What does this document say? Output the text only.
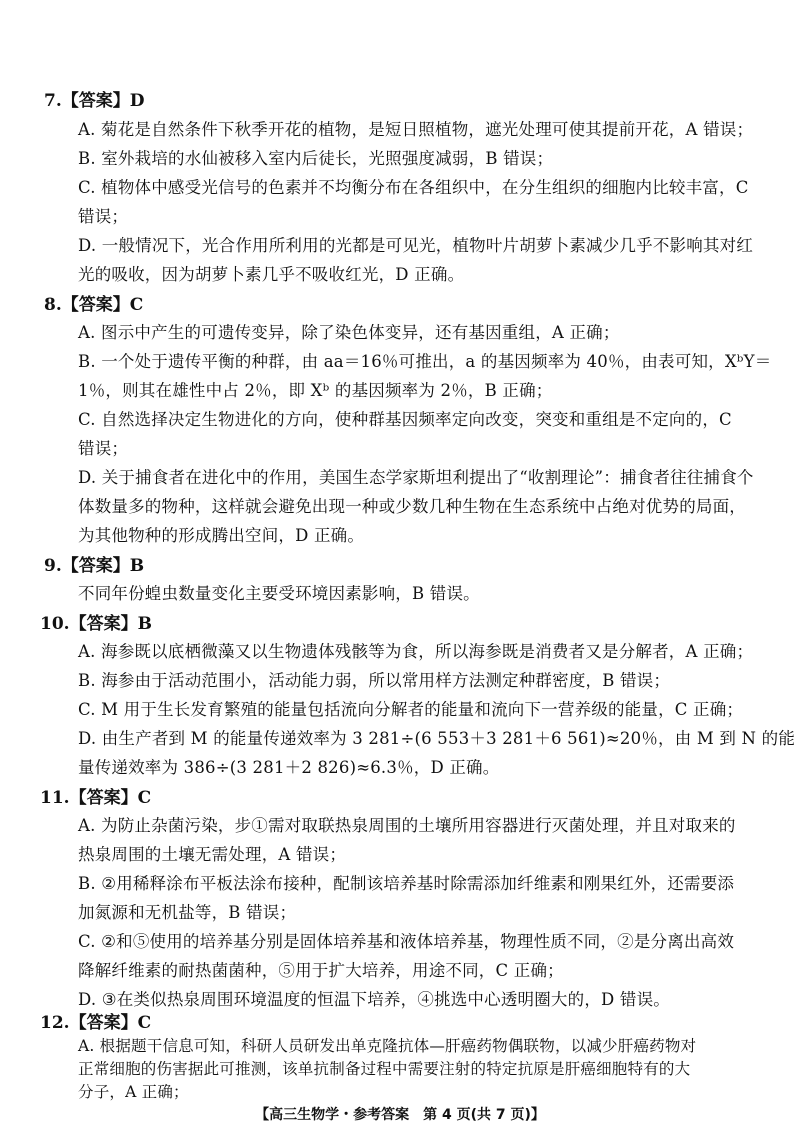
7.【答案】D
A. 菊花是自然条件下秋季开花的植物，是短日照植物，遮光处理可使其提前开花，A 错误；
B. 室外栽培的水仙被移入室内后徒长，光照强度减弱，B 错误；
C. 植物体中感受光信号的色素并不均衡分布在各组织中，在分生组织的细胞内比较丰富，C
错误；
D. 一般情况下，光合作用所利用的光都是可见光，植物叶片胡萝卜素减少几乎不影响其对红
光的吸收，因为胡萝卜素几乎不吸收红光，D 正确。
8.【答案】C
A. 图示中产生的可遗传变异，除了染色体变异，还有基因重组，A 正确；
B. 一个处于遗传平衡的种群，由 aa＝16％可推出，a 的基因频率为 40％，由表可知，XᵇY＝
1％，则其在雄性中占 2％，即 Xᵇ 的基因频率为 2％，B 正确；
C. 自然选择决定生物进化的方向，使种群基因频率定向改变，突变和重组是不定向的，C
错误；
D. 关于捕食者在进化中的作用，美国生态学家斯坦利提出了“收割理论”：捕食者往往捕食个
体数量多的物种，这样就会避免出现一种或少数几种生物在生态系统中占绝对优势的局面，
为其他物种的形成腾出空间，D 正确。
9.【答案】B
不同年份蝗虫数量变化主要受环境因素影响，B 错误。
10.【答案】B
A. 海参既以底栖微藻又以生物遗体残骸等为食，所以海参既是消费者又是分解者，A 正确；
B. 海参由于活动范围小，活动能力弱，所以常用样方法测定种群密度，B 错误；
C. M 用于生长发育繁殖的能量包括流向分解者的能量和流向下一营养级的能量，C 正确；
D. 由生产者到 M 的能量传递效率为 3 281÷(6 553＋3 281＋6 561)≈20％，由 M 到 N 的能
量传递效率为 386÷(3 281＋2 826)≈6.3％，D 正确。
11.【答案】C
A. 为防止杂菌污染，步①需对取联热泉周围的土壤所用容器进行灭菌处理，并且对取来的
热泉周围的土壤无需处理，A 错误；
B. ②用稀释涂布平板法涂布接种，配制该培养基时除需添加纤维素和刚果红外，还需要添
加氮源和无机盐等，B 错误；
C. ②和⑤使用的培养基分别是固体培养基和液体培养基，物理性质不同，②是分离出高效
降解纤维素的耐热菌菌种，⑤用于扩大培养，用途不同，C 正确；
D. ③在类似热泉周围环境温度的恒温下培养，④挑选中心透明圈大的，D 错误。
12.【答案】C
A. 根据题干信息可知，科研人员研发出单克隆抗体—肝癌药物偶联物，以减少肝癌药物对
正常细胞的伤害据此可推测，该单抗制备过程中需要注射的特定抗原是肝癌细胞特有的大
分子，A 正确；
【高三生物学・参考答案　第 4 页(共 7 页)】
